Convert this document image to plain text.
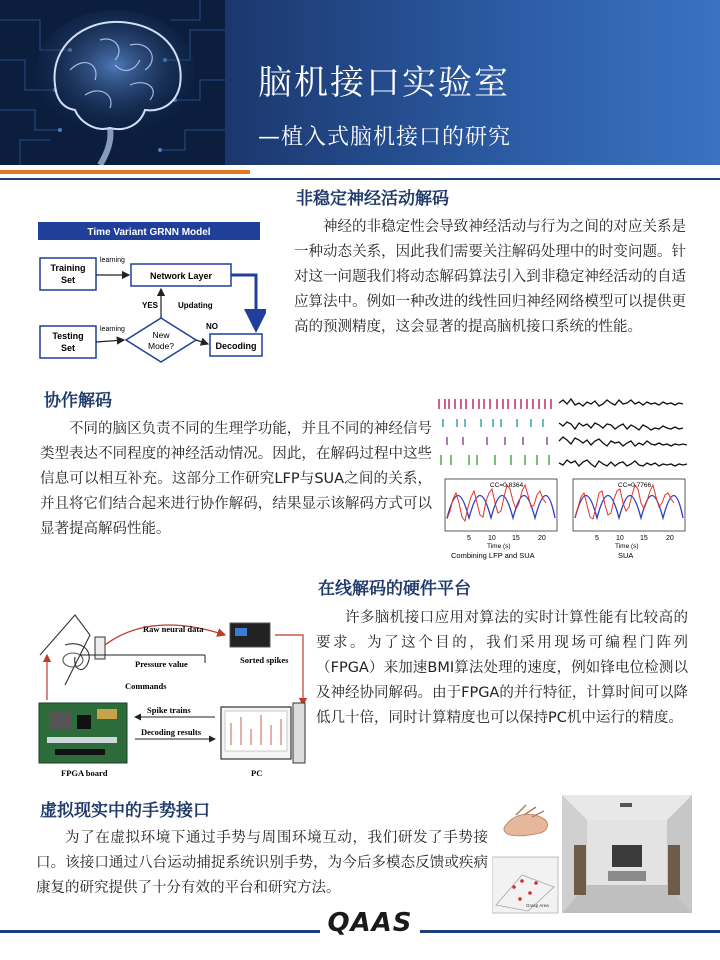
脑机接口实验室
—植入式脑机接口的研究
非稳定神经活动解码
神经的非稳定性会导致神经活动与行为之间的对应关系是一种动态关系，因此我们需要关注解码处理中的时变问题。针对这一问题我们将动态解码算法引入到非稳定神经活动的自适应算法中。例如一种改进的线性回归神经网络模型可以提供更高的预测精度，这会显著的提高脑机接口系统的性能。
Time Variant GRNN Model
Training
Set	Network Layer
Testing
Set
New
Mode?	Decoding
learning
learning
YES Updating
NO
协作解码
不同的脑区负责不同的生理学功能，并且不同的神经信号类型表达不同程度的神经活动情况。因此，在解码过程中这些信息可以相互补充。这部分工作研究LFP与SUA之间的关系，并且将它们结合起来进行协作解码，结果显示该解码方式可以显著提高解码性能。
CC=0.8364
5 10 15	20
Time (s)
Combining LFP and SUA
CC=0.7766
5 10 15	20
Time (s)
SUA
在线解码的硬件平台
许多脑机接口应用对算法的实时计算性能有比较高的要求。为了这个目的，我们采用现场可编程门阵列（FPGA）来加速BMI算法处理的速度，例如锋电位检测以及神经协同解码。由于FPGA的并行特征，计算时间可以降低几十倍，同时计算精度也可以保持PC机中运行的精度。
Raw neural data
Pressure value	Sorted spikes
Commands
FPGA board
Spike trains
Decoding results
PC
虚拟现实中的手势接口
为了在虚拟环境下通过手势与周围环境互动，我们研发了手势接口。该接口通过八台运动捕捉系统识别手势，为今后多模态反馈或疾病康复的研究提供了十分有效的平台和研究方法。
Grasp Area
QAAS
